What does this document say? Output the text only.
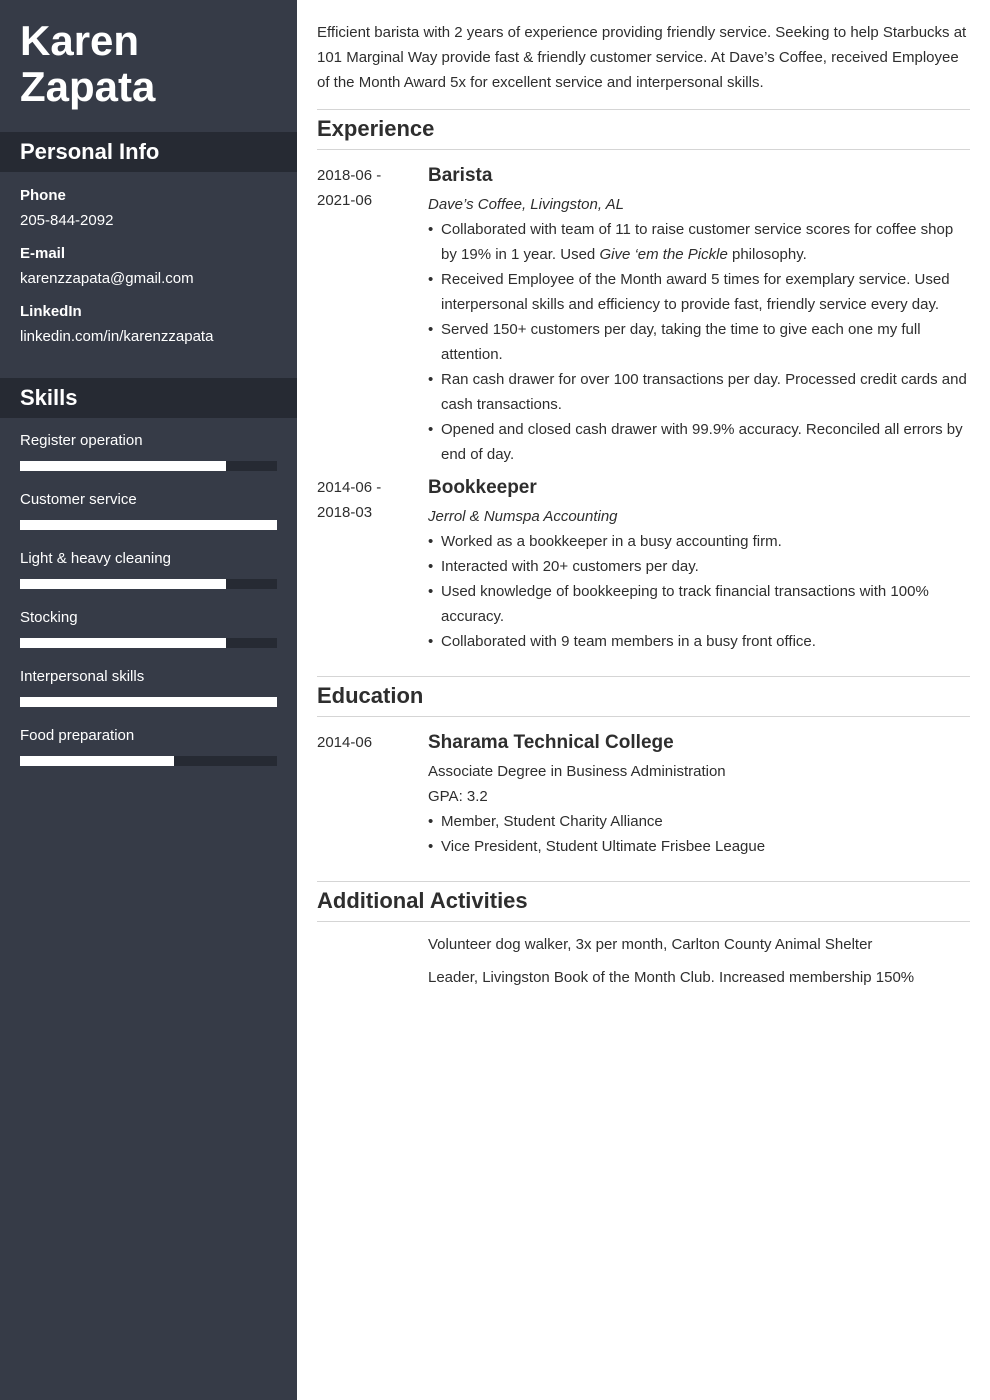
Karen Zapata
Personal Info
Phone
205-844-2092
E-mail
karenzzapata@gmail.com
LinkedIn
linkedin.com/in/karenzzapata
Skills
Register operation
Customer service
Light & heavy cleaning
Stocking
Interpersonal skills
Food preparation

Efficient barista with 2 years of experience providing friendly service. Seeking to help Starbucks at 101 Marginal Way provide fast & friendly customer service. At Dave’s Coffee, received Employee of the Month Award 5x for excellent service and interpersonal skills.

Experience
2018-06 -
2021-06
Barista
Dave’s Coffee, Livingston, AL
• Collaborated with team of 11 to raise customer service scores for coffee shop by 19% in 1 year. Used Give ‘em the Pickle philosophy.
• Received Employee of the Month award 5 times for exemplary service. Used interpersonal skills and efficiency to provide fast, friendly service every day.
• Served 150+ customers per day, taking the time to give each one my full attention.
• Ran cash drawer for over 100 transactions per day. Processed credit cards and cash transactions.
• Opened and closed cash drawer with 99.9% accuracy. Reconciled all errors by end of day.
2014-06 -
2018-03
Bookkeeper
Jerrol & Numspa Accounting
• Worked as a bookkeeper in a busy accounting firm.
• Interacted with 20+ customers per day.
• Used knowledge of bookkeeping to track financial transactions with 100% accuracy.
• Collaborated with 9 team members in a busy front office.
Education
2014-06	Sharama Technical College
Associate Degree in Business Administration
GPA: 3.2
• Member, Student Charity Alliance
• Vice President, Student Ultimate Frisbee League
Additional Activities
Volunteer dog walker, 3x per month, Carlton County Animal Shelter
Leader, Livingston Book of the Month Club. Increased membership 150%
